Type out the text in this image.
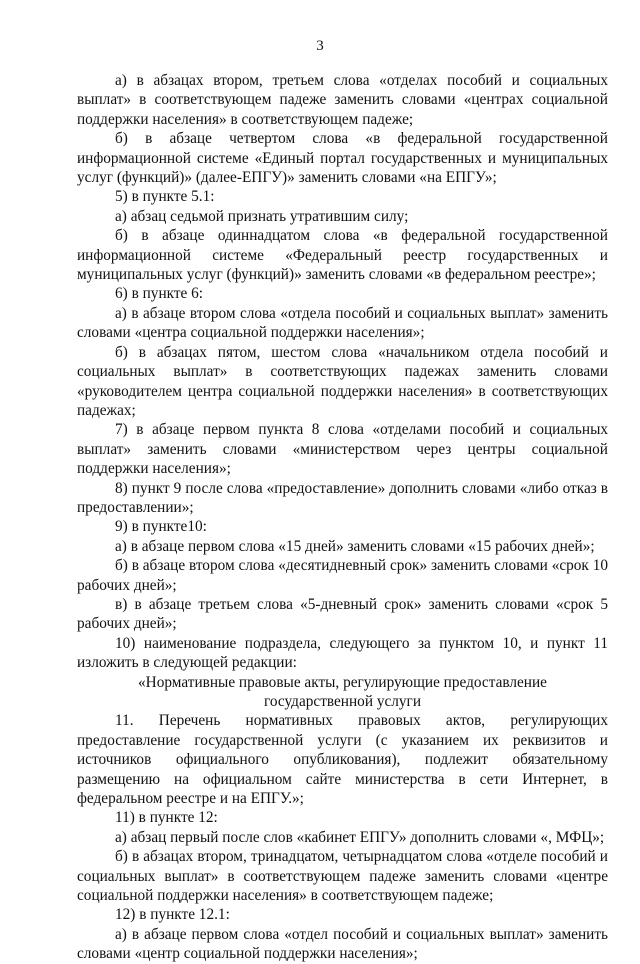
3

а) в абзацах втором, третьем слова «отделах пособий и социальных выплат» в соответствующем падеже заменить словами «центрах социальной поддержки населения» в соответствующем падеже;

б) в абзаце четвертом слова «в федеральной государственной информационной системе «Единый портал государственных и муниципальных услуг (функций)» (далее-ЕПГУ)» заменить словами «на ЕПГУ»;

5) в пункте 5.1:

а) абзац седьмой признать утратившим силу;

б) в абзаце одиннадцатом слова «в федеральной государственной информационной системе «Федеральный реестр государственных и муниципальных услуг (функций)» заменить словами «в федеральном реестре»;

6) в пункте 6:

а) в абзаце втором слова «отдела пособий и социальных выплат» заменить словами «центра социальной поддержки населения»;

б) в абзацах пятом, шестом слова «начальником отдела пособий и социальных выплат» в соответствующих падежах заменить словами «руководителем центра социальной поддержки населения» в соответствующих падежах;

7) в абзаце первом пункта 8 слова «отделами пособий и социальных выплат» заменить словами «министерством через центры социальной поддержки населения»;

8) пункт 9 после слова «предоставление» дополнить словами «либо отказ в предоставлении»;

9) в пункте10:

а) в абзаце первом слова «15 дней» заменить словами «15 рабочих дней»;

б) в абзаце втором слова «десятидневный срок» заменить словами «срок 10 рабочих дней»;

в) в абзаце третьем слова «5-дневный срок» заменить словами «срок 5 рабочих дней»;

10) наименование подраздела, следующего за пунктом 10, и пункт 11 изложить в следующей редакции:

«Нормативные правовые акты, регулирующие предоставление

государственной услуги

11. Перечень нормативных правовых актов, регулирующих предоставление государственной услуги (с указанием их реквизитов и источников официального опубликования), подлежит обязательному размещению на официальном сайте министерства в сети Интернет, в федеральном реестре и на ЕПГУ.»;

11) в пункте 12:

а) абзац первый после слов «кабинет ЕПГУ» дополнить словами «, МФЦ»;

б) в абзацах втором, тринадцатом, четырнадцатом слова «отделе пособий и социальных выплат» в соответствующем падеже заменить словами «центре социальной поддержки населения» в соответствующем падеже;

12) в пункте 12.1:

а) в абзаце первом слова «отдел пособий и социальных выплат» заменить словами «центр социальной поддержки населения»;
